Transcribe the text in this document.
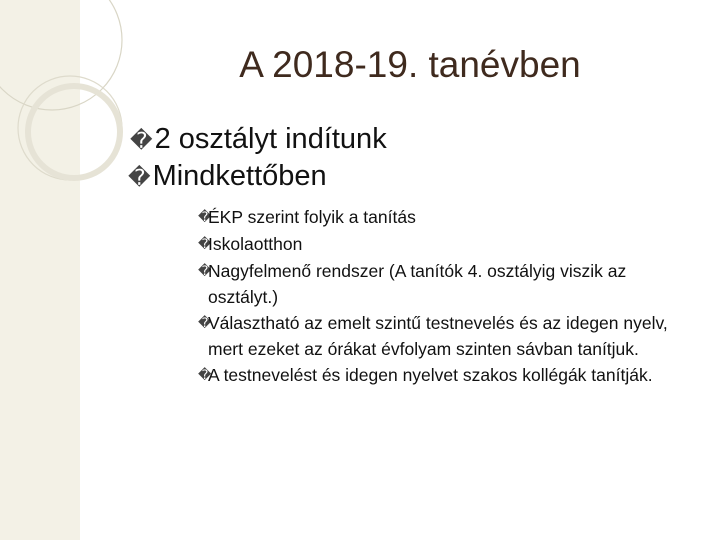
A 2018-19. tanévben
� 2 osztályt indítunk
� Mindkettőben
�
ÉKP szerint folyik a tanítás
�
Iskolaotthon
�
Nagyfelmenő rendszer (A tanítók 4. osztályig viszik az osztályt.)
�
Választható az emelt szintű testnevelés és az idegen nyelv, mert ezeket az órákat évfolyam szinten sávban tanítjuk.
�
A testnevelést és idegen nyelvet szakos kollégák tanítják.
